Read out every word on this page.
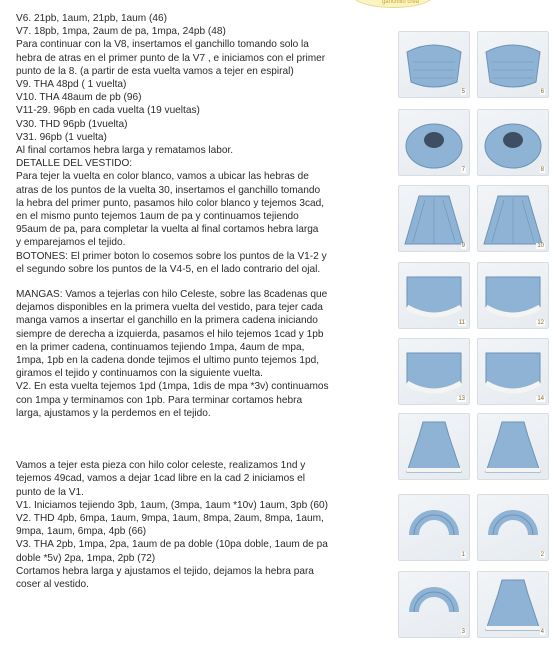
ganchillo crea

V6. 21pb, 1aum, 21pb, 1aum (46)

V7. 18pb, 1mpa, 2aum de pa, 1mpa, 24pb (48)

Para continuar con la V8, insertamos el ganchillo tomando solo la

hebra de atras en el primer punto de la V7 , e iniciamos con el primer

punto de la 8. (a partir de esta vuelta vamos a tejer en espiral)

V9. THA 48pd ( 1 vuelta)

V10. THA 48aum de pb (96)

V11-29. 96pb en cada vuelta (19 vueltas)

V30. THD 96pb (1vuelta)

V31. 96pb (1 vuelta)

Al final cortamos hebra larga y rematamos labor.

DETALLE DEL VESTIDO:

Para tejer la vuelta en color blanco, vamos a ubicar las hebras de

atras de los puntos de la vuelta 30, insertamos el ganchillo tomando

la hebra del primer punto, pasamos hilo color blanco y tejemos 3cad,

en el mismo punto tejemos 1aum de pa y continuamos tejiendo

95aum de pa, para completar la vuelta al final cortamos hebra larga

y emparejamos el tejido.

BOTONES: El primer boton lo cosemos sobre los puntos de la V1-2 y

el segundo sobre los puntos de la V4-5, en el lado contrario del ojal.

MANGAS: Vamos a tejerlas con hilo Celeste, sobre las 8cadenas que

dejamos disponibles en la primera vuelta del vestido, para tejer cada

manga vamos a insertar el ganchillo en la primera cadena iniciando

siempre de derecha a izquierda, pasamos el hilo tejemos 1cad y 1pb

en la primer cadena, continuamos tejiendo 1mpa, 4aum de mpa,

1mpa, 1pb en la cadena donde tejimos el ultimo punto tejemos 1pd,

giramos el tejido y continuamos con la siguiente vuelta.

V2. En esta vuelta tejemos 1pd (1mpa, 1dis de mpa *3v) continuamos

con 1mpa y terminamos con 1pb. Para terminar cortamos hebra

larga, ajustamos y la perdemos en el tejido.

Vamos a tejer esta pieza con hilo color celeste, realizamos 1nd y

tejemos 49cad, vamos a dejar 1cad libre en la cad 2 iniciamos el

punto de la V1.

V1. Iniciamos tejiendo 3pb, 1aum, (3mpa, 1aum *10v) 1aum, 3pb (60)

V2. THD 4pb, 6mpa, 1aum, 9mpa, 1aum, 8mpa, 2aum, 8mpa, 1aum,

9mpa, 1aum, 6mpa, 4pb (66)

V3. THA 2pb, 1mpa, 2pa, 1aum de pa doble (10pa doble, 1aum de pa

doble *5v) 2pa, 1mpa, 2pb (72)

Cortamos hebra larga y ajustamos el tejido, dejamos la hebra para

coser al vestido.

5	6
7	8
9	10
11	12
13	14
1	2
3	4
